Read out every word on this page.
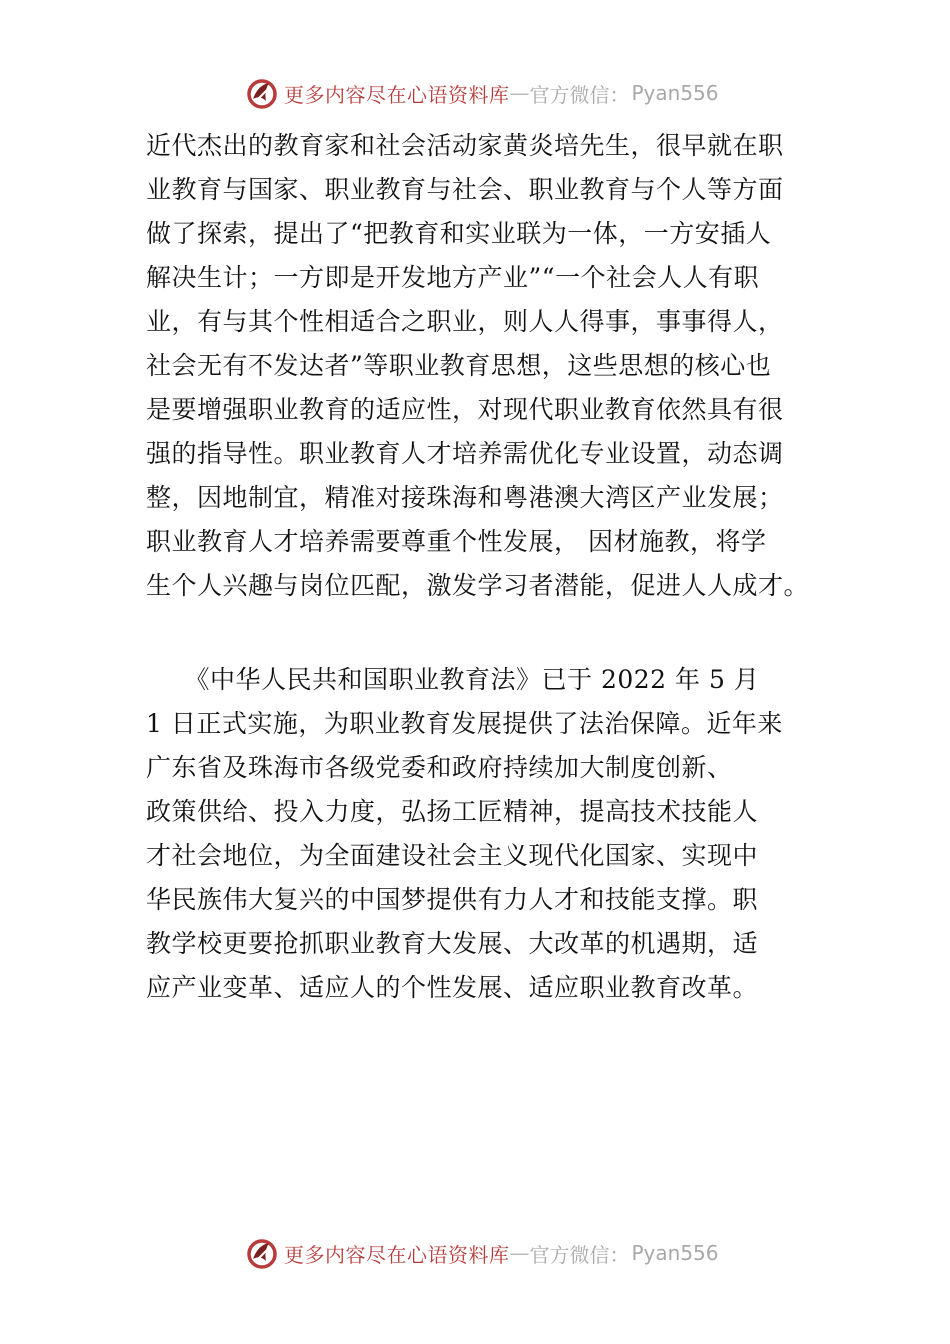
更多内容尽在心语资料库 — 官方微信： Pyan556
近代杰出的教育家和社会活动家黄炎培先生，很早就在职
业教育与国家、职业教育与社会、职业教育与个人等方面
做了探索，提出了“把教育和实业联为一体，一方安插人
解决生计；一方即是开发地方产业”“一个社会人人有职
业，有与其个性相适合之职业，则人人得事，事事得人，
社会无有不发达者”等职业教育思想，这些思想的核心也
是要增强职业教育的适应性，对现代职业教育依然具有很
强的指导性。职业教育人才培养需优化专业设置，动态调
整，因地制宜，精准对接珠海和粤港澳大湾区产业发展；
职业教育人才培养需要尊重个性发展， 因材施教，将学
生个人兴趣与岗位匹配，激发学习者潜能，促进人人成才。
　　《中华人民共和国职业教育法》已于 2022 年 5 月
1 日正式实施，为职业教育发展提供了法治保障。近年来
广东省及珠海市各级党委和政府持续加大制度创新、
政策供给、投入力度，弘扬工匠精神，提高技术技能人
才社会地位，为全面建设社会主义现代化国家、实现中
华民族伟大复兴的中国梦提供有力人才和技能支撑。职
教学校更要抢抓职业教育大发展、大改革的机遇期，适
应产业变革、适应人的个性发展、适应职业教育改革。
更多内容尽在心语资料库 — 官方微信： Pyan556
